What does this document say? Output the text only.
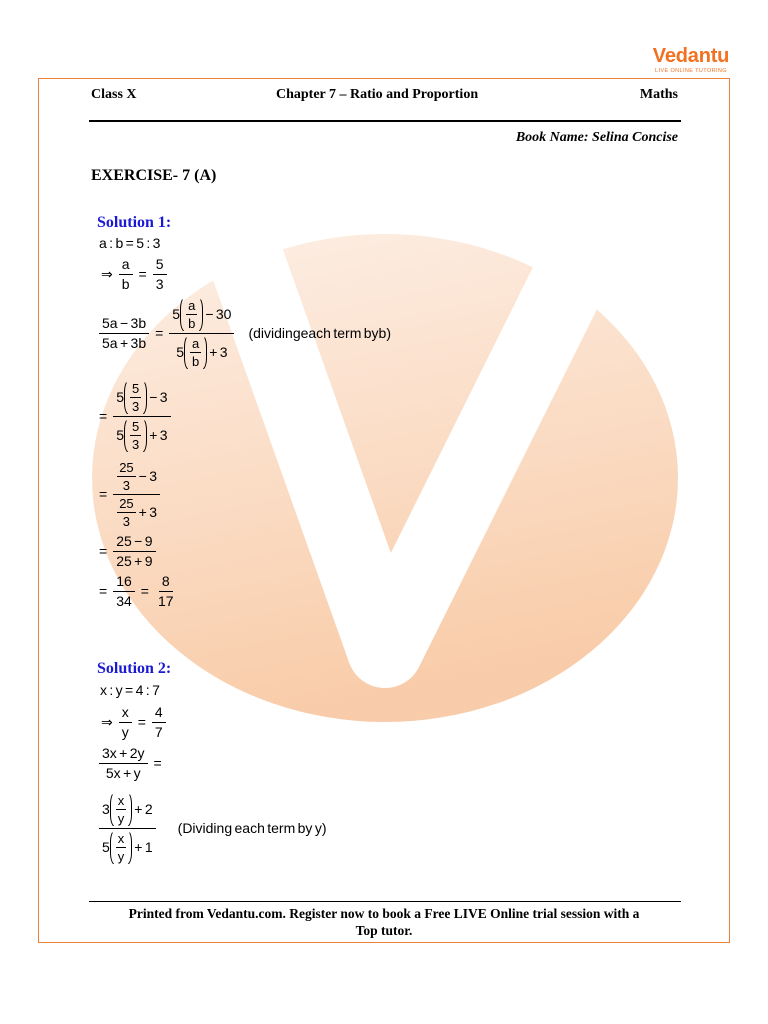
Vedantu
LIVE ONLINE TUTORING
Class X	Chapter 7 – Ratio and Proportion	Maths
Book Name: Selina Concise
EXERCISE- 7 (A)
Solution 1:
a : b = 5 : 3
⇒ $\frac{a}{b} = \frac{5}{3}$
$\frac{5a - 3b}{5a + 3b}$ =
$5 \frac{a}{b} - 30$
$5 \frac{a}{b} + 3$
(dividingeach term byb)
=
$5 \frac{5}{3} - 3$
$5 \frac{5}{3} + 3$
= $\frac{\frac{25}{3} - 3}{\frac{25}{3} + 3}$
= $\frac{25 - 9}{25 + 9}$
= $\frac{16}{34} = \frac{8}{17}$
Solution 2:
x : y = 4 : 7
⇒ $\frac{x}{y} = \frac{4}{7}$
$\frac{3x + 2y}{5x + y}$ =
$3 \frac{x}{y} + 2$
$5 \frac{x}{y} + 1$
(Dividing each term by y)
Printed from Vedantu.com. Register now to book a Free LIVE Online trial session with a
Top tutor.
